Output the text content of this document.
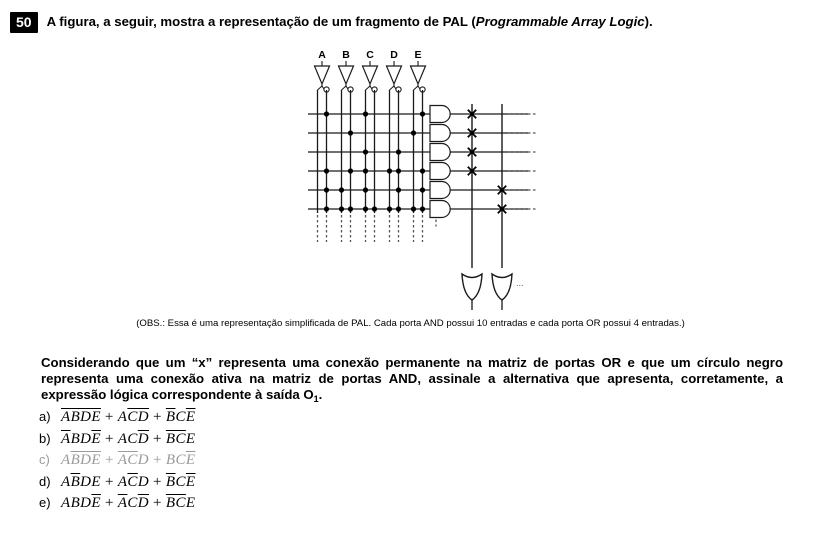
50	A figura, a seguir, mostra a representação de um fragmento de PAL (Programmable Array Logic).
A B C D E
...
(OBS.: Essa é uma representação simplificada de PAL. Cada porta AND possui 10 entradas e cada porta OR possui 4 entradas.)
Considerando que um “x” representa uma conexão permanente na matriz de portas OR e que um círculo negro representa uma conexão ativa na matriz de portas AND, assinale a alternativa que apresenta, corretamente, a expressão lógica correspondente à saída $O_1$.
a) ABDE + $A\overline{CD} + \overline{B}C\overline{E}$
b) $\overline{A}BD\overline{E} + AC\overline{D} + \overline{BC}E$
c) $A\overline{BDE} + \overline{AC}D + BC\overline{E}$
d) $A\overline{B}DE + A\overline{C}D + \overline{B}C\overline{E}$
e) $ABD\overline{E} + \overline{A}C\overline{D} + \overline{BC}E$
